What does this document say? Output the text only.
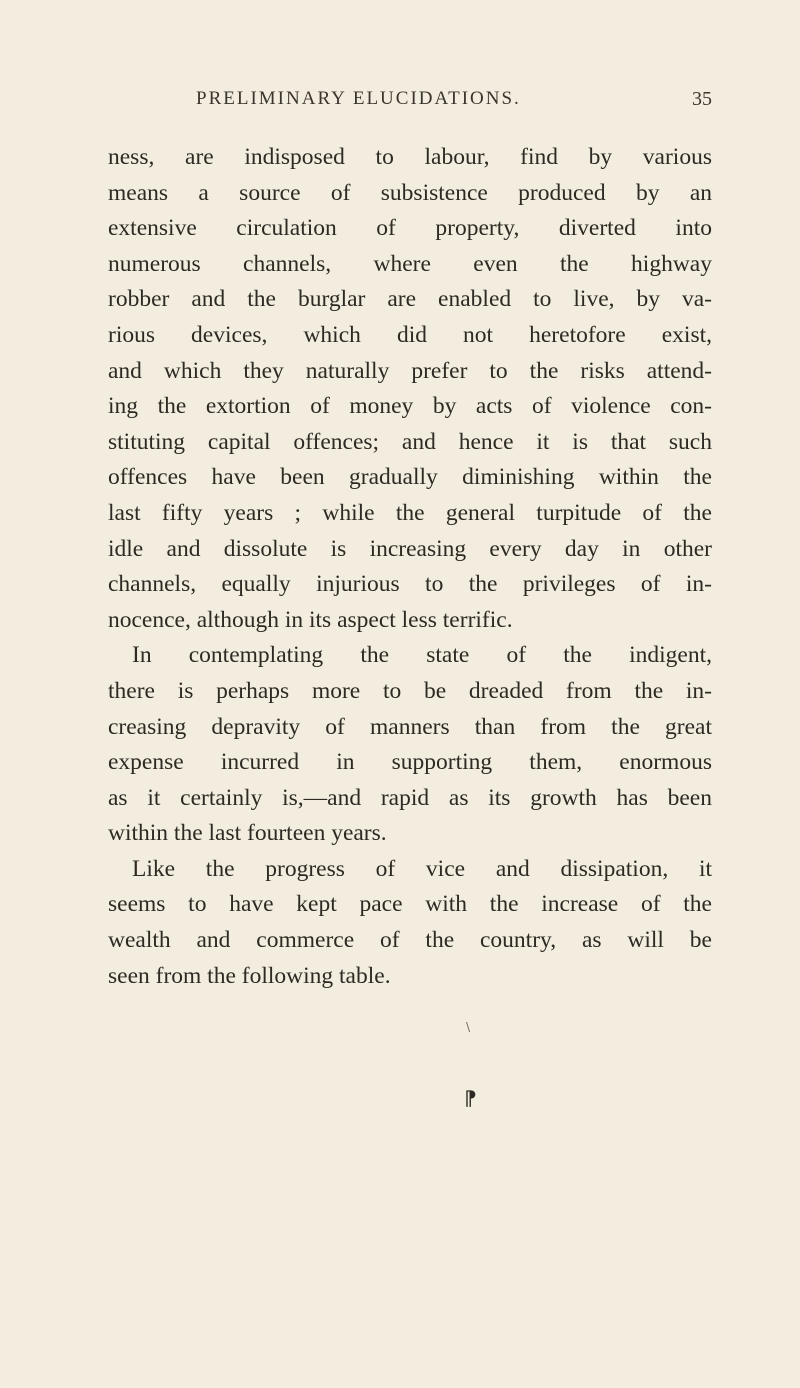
PRELIMINARY ELUCIDATIONS.	35
ness, are indisposed to labour, find by various
means a source of subsistence produced by an
extensive circulation of property, diverted into
numerous channels, where even the highway
robber and the burglar are enabled to live, by va-
rious devices, which did not heretofore exist,
and which they naturally prefer to the risks attend-
ing the extortion of money by acts of violence con-
stituting capital offences; and hence it is that such
offences have been gradually diminishing within the
last fifty years ; while the general turpitude of the
idle and dissolute is increasing every day in other
channels, equally injurious to the privileges of in-
nocence, although in its aspect less terrific.
In contemplating the state of the indigent,
there is perhaps more to be dreaded from the in-
creasing depravity of manners than from the great
expense incurred in supporting them, enormous
as it certainly is,—and rapid as its growth has been
within the last fourteen years.
Like the progress of vice and dissipation, it
seems to have kept pace with the increase of the
wealth and commerce of the country, as will be
seen from the following table.
\
⁋
